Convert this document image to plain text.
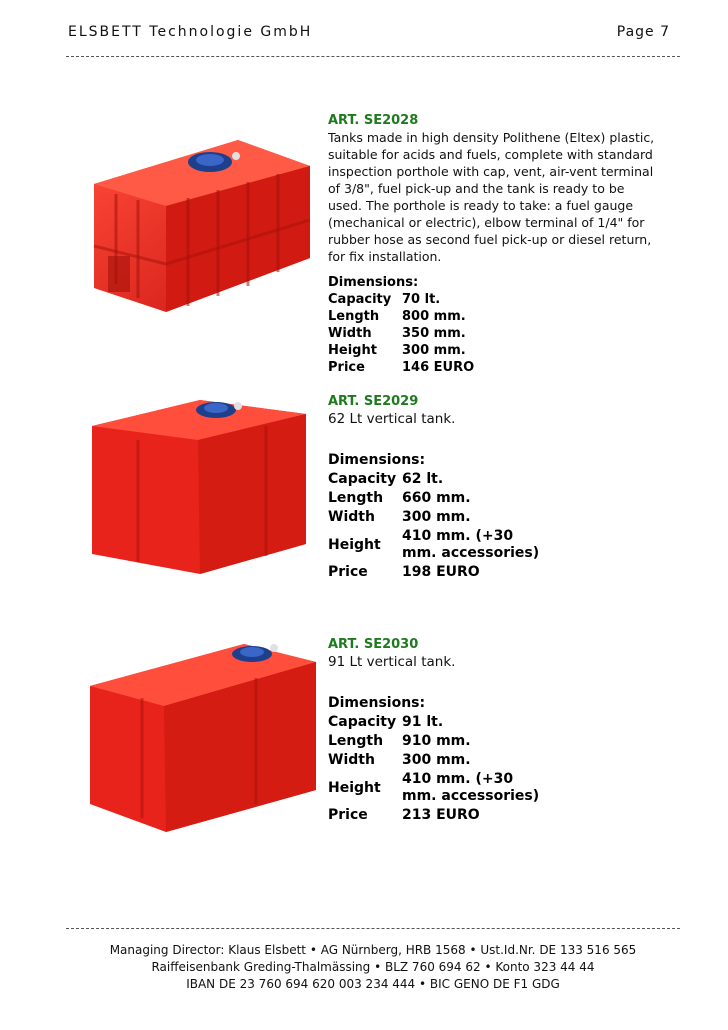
ELSBETT Technologie GmbH	Page 7
ART. SE2028
Tanks made in high density Polithene (Eltex) plastic, suitable for acids and fuels, complete with standard inspection porthole with cap, vent, air-vent terminal of 3/8", fuel pick-up and the tank is ready to be used. The porthole is ready to take: a fuel gauge (mechanical or electric), elbow terminal of 1/4" for rubber hose as second fuel pick-up or diesel return, for fix installation.
Dimensions:
Capacity	70 lt.
Length	800 mm.
Width	350 mm.
Height	300 mm.
Price	146 EURO
ART. SE2029
62 Lt vertical tank.
Dimensions:
Capacity	62 lt.
Length	660 mm.
Width	300 mm.
Height	410 mm. (+30 mm. accessories)
Price	198 EURO
ART. SE2030
91 Lt vertical tank.
Dimensions:
Capacity	91 lt.
Length	910 mm.
Width	300 mm.
Height	410 mm. (+30 mm. accessories)
Price	213 EURO
Managing Director: Klaus Elsbett • AG Nürnberg, HRB 1568 • Ust.Id.Nr. DE 133 516 565
Raiffeisenbank Greding-Thalmässing • BLZ 760 694 62 • Konto 323 44 44
IBAN DE 23 760 694 620 003 234 444 • BIC GENO DE F1 GDG
